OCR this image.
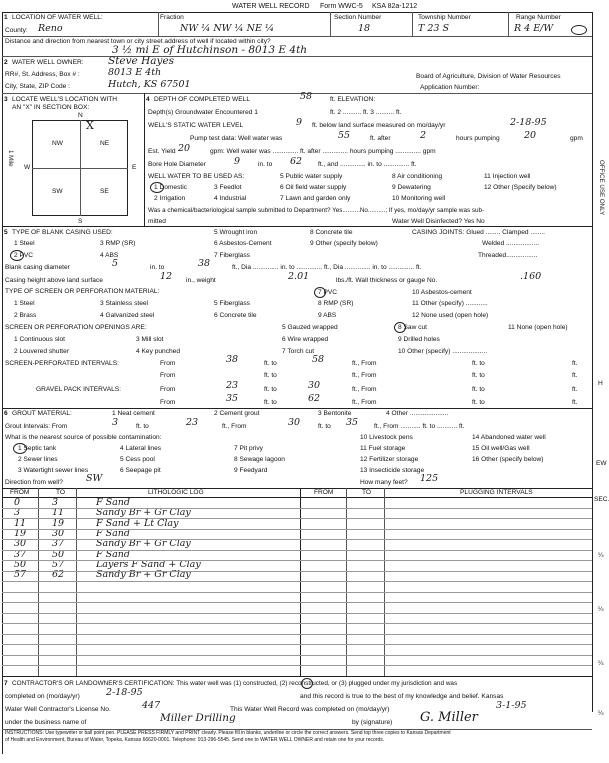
WATER WELL RECORD Form WWC-5 KSA 82a-1212
1 LOCATION OF WATER WELL:	Fraction	Section Number	Township Number	Range Number
County: Reno	NW ¼ NW ¼ NE ¼	18	T 23 S	R 4 E/W
Distance and direction from nearest town or city street address of well if located within city?
3 ½ mi E of Hutchinson - 8013 E 4th
2 WATER WELL OWNER: Steve Hayes
RR#, St. Address, Box # :	8013 E 4th	Board of Agriculture, Division of Water Resources
City, State, ZIP Code :	Hutch, KS 67501	Application Number:
3 LOCATE WELL'S LOCATION WITH
AN "X" IN SECTION BOX:
NW	NE
SW	SE
N
S
W	E
1 Mile
X
4 DEPTH OF COMPLETED WELL	58	ft. ELEVATION:
Depth(s) Groundwater Encountered 1	ft. 2 .......... ft. 3 .......... ft.
WELL'S STATIC WATER LEVEL	9 ft. below land surface measured on mo/day/yr	2-18-95
Pump test data: Well water was	55	ft. after	2	hours pumping	20	gpm
Est. Yield 20	gpm: Well water was .............. ft. after .............. hours pumping .............. gpm
Bore Hole Diameter	9	in. to 62 ft., and .............. in. to .............. ft.
WELL WATER TO BE USED AS:	5 Public water supply	8 Air conditioning	11 Injection well
1 Domestic	3 Feedlot	6 Oil field water supply	9 Dewatering	12 Other (Specify below)
2 Irrigation	4 Industrial	7 Lawn and garden only	10 Monitoring well
Was a chemical/bacteriological sample submitted to Department? Yes..........No..........; If yes, mo/day/yr sample was sub-
mitted	Water Well Disinfected? Yes No
5 TYPE OF BLANK CASING USED:
1 Steel	3 RMP (SR)
5 Wrought iron	8 Concrete tile	CASING JOINTS: Glued ........ Clamped ........
2 PVC	4 ABS
6 Asbestos-Cement	9 Other (specify below)	Welded ..................
7 Fiberglass	Threaded.................
Blank casing diameter	5	in. to	38	ft., Dia .............. in. to .............. ft., Dia .............. in. to .............. ft.
Casing height above land surface	12 in., weight	2.01	lbs./ft. Wall thickness or gauge No.	.160
TYPE OF SCREEN OR PERFORATION MATERIAL:
1 Steel	3 Stainless steel	5 Fiberglass
7 PVC	10 Asbestos-cement
2 Brass	4 Galvanized steel	6 Concrete tile
8 RMP (SR)	11 Other (specify) ............
9 ABS	12 None used (open hole)
SCREEN OR PERFORATION OPENINGS ARE:	5 Gauzed wrapped	8 Saw cut	11 None (open hole)
1 Continuous slot	3 Mill slot	6 Wire wrapped	9 Drilled holes
2 Louvered shutter	4 Key punched	7 Torch cut	10 Other (specify) ...................
SCREEN-PERFORATED INTERVALS:	From	38	ft. to	58	ft., From	ft. to	ft.
From	ft. to	ft., From	ft. to	ft.
GRAVEL PACK INTERVALS:	From	23	ft. to	30	ft., From	ft. to	ft.
From	35	ft. to	62	ft., From	ft. to	ft.
6 GROUT MATERIAL:	1 Neat cement	2 Cement grout	3 Bentonite	4 Other .....................
Grout Intervals: From	3	ft. to	23	ft., From	30	ft. to 35 ft., From ........... ft. to ........... ft.
What is the nearest source of possible contamination:
1 Septic tank	4 Lateral lines	7 Pit privy
10 Livestock pens	14 Abandoned water well
2 Sewer lines	5 Cess pool	8 Sewage lagoon
11 Fuel storage	15 Oil well/Gas well
3 Watertight sewer lines	6 Seepage pit	9 Feedyard
12 Fertilizer storage	16 Other (specify below)
13 Insecticide storage
Direction from well? SW	How many feet? 125
FROM	TO	LITHOLOGIC LOG	FROM	TO	PLUGGING INTERVALS
0	3	F Sand
3	11	Sandy Br + Gr Clay
11	19	F Sand + Lt Clay
19	30	F Sand
30	37	Sandy Br + Gr Clay
37	50	F Sand
50	57	Layers F Sand + Clay
57	62	Sandy Br + Gr Clay
7 CONTRACTOR'S OR LANDOWNER'S CERTIFICATION: This water well was (1) constructed, (2) reconstructed, or (3) plugged under my jurisdiction and was
completed on (mo/day/yr)	2-18-95	and this record is true to the best of my knowledge and belief. Kansas
Water Well Contractor's License No.	447	This Water Well Record was completed on (mo/day/yr)	3-1-95
under the business name of	Miller Drilling	by (signature) G. Miller
INSTRUCTIONS: Use typewriter or ball point pen. PLEASE PRESS FIRMLY and PRINT clearly. Please fill in blanks, underline or circle the correct answers. Send top three copies to Kansas Department
of Health and Environment, Bureau of Water, Topeka, Kansas 66620-0001. Telephone: 913-296-5545. Send one to WATER WELL OWNER and retain one for your records.
OFFICE USE ONLY
H
EW
SEC.
¼
¼
¼
¼
